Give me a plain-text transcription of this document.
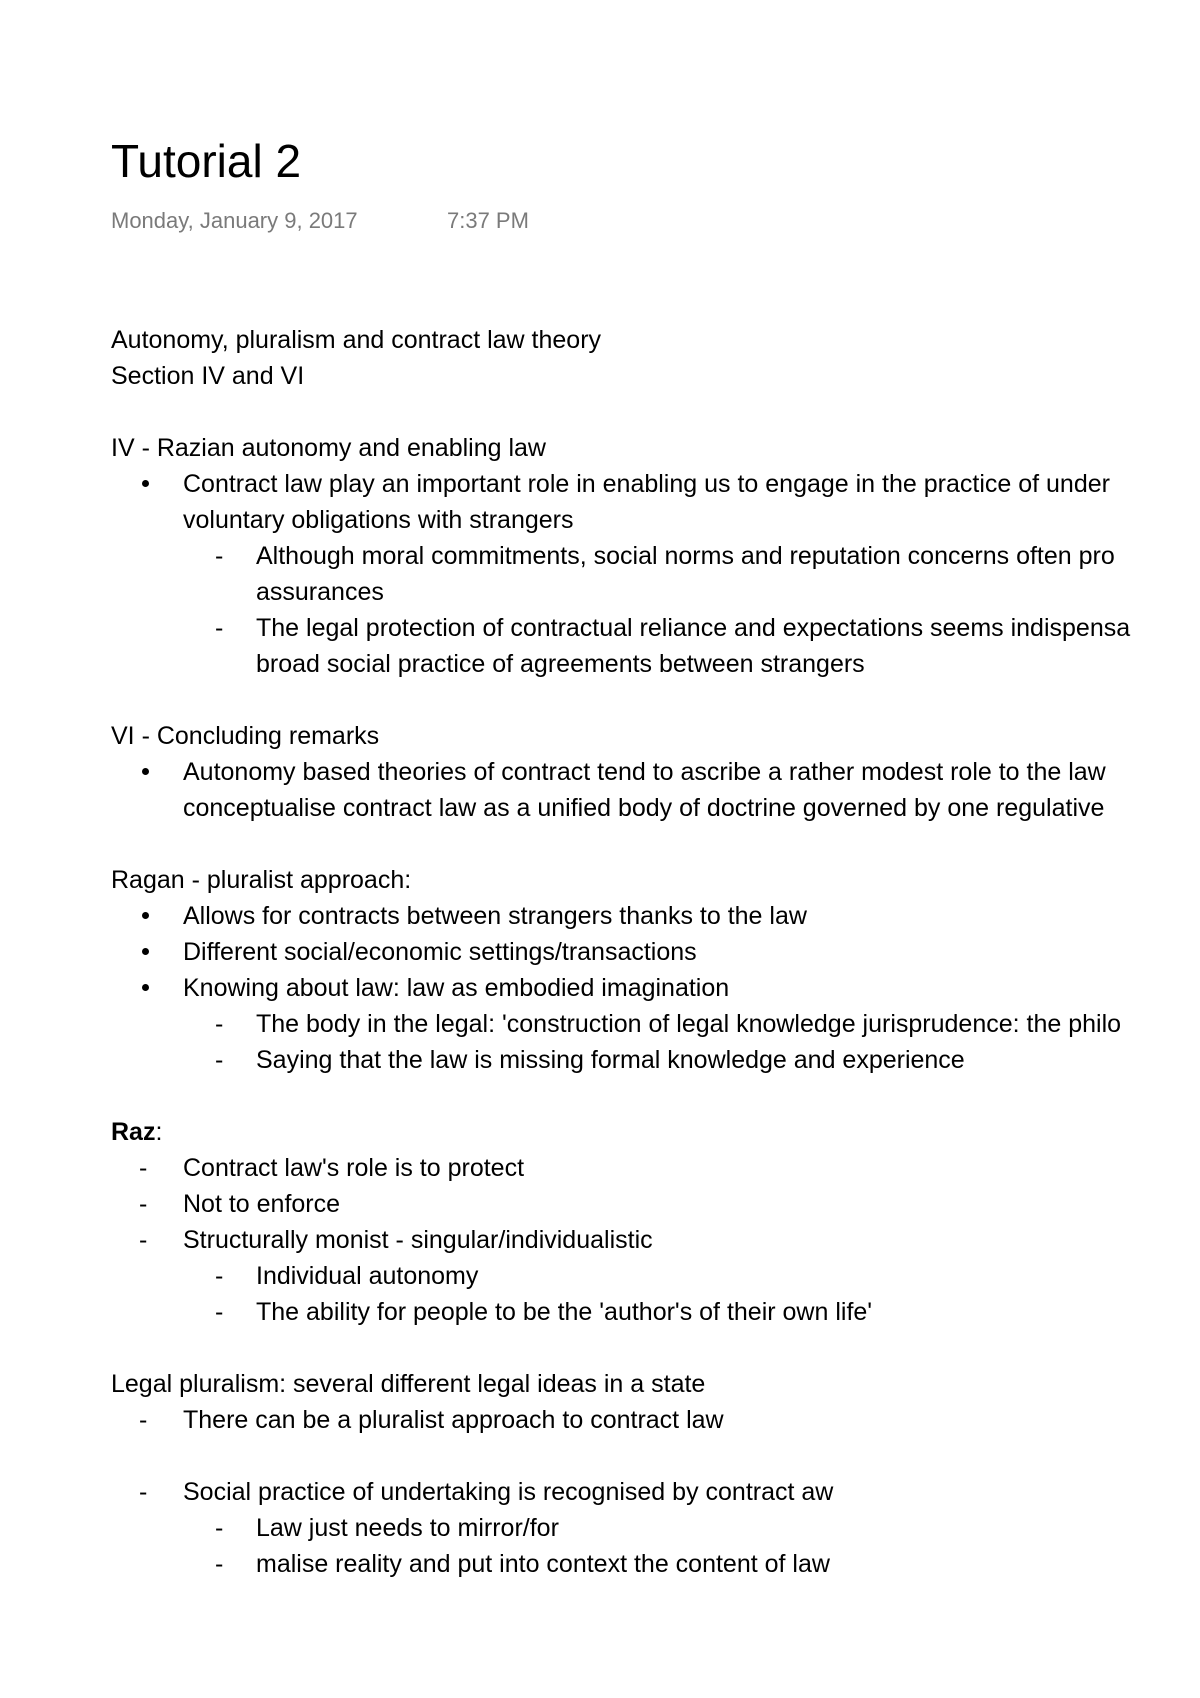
Tutorial 2
Monday, January 9, 2017	7:37 PM
Autonomy, pluralism and contract law theory
Section IV and VI
IV - Razian autonomy and enabling law
Contract law play an important role in enabling us to engage in the practice of under
voluntary obligations with strangers
- Although moral commitments, social norms and reputation concerns often pro
assurances
- The legal protection of contractual reliance and expectations seems indispensa
broad social practice of agreements between strangers
VI - Concluding remarks
Autonomy based theories of contract tend to ascribe a rather modest role to the law
conceptualise contract law as a unified body of doctrine governed by one regulative
Ragan - pluralist approach:
Allows for contracts between strangers thanks to the law
Different social/economic settings/transactions
Knowing about law: law as embodied imagination
- The body in the legal: 'construction of legal knowledge jurisprudence: the philo
- Saying that the law is missing formal knowledge and experience
Raz:
- Contract law's role is to protect
- Not to enforce
- Structurally monist - singular/individualistic
- Individual autonomy
- The ability for people to be the 'author's of their own life'
Legal pluralism: several different legal ideas in a state
- There can be a pluralist approach to contract law
- Social practice of undertaking is recognised by contract aw
- Law just needs to mirror/for
- malise reality and put into context the content of law
